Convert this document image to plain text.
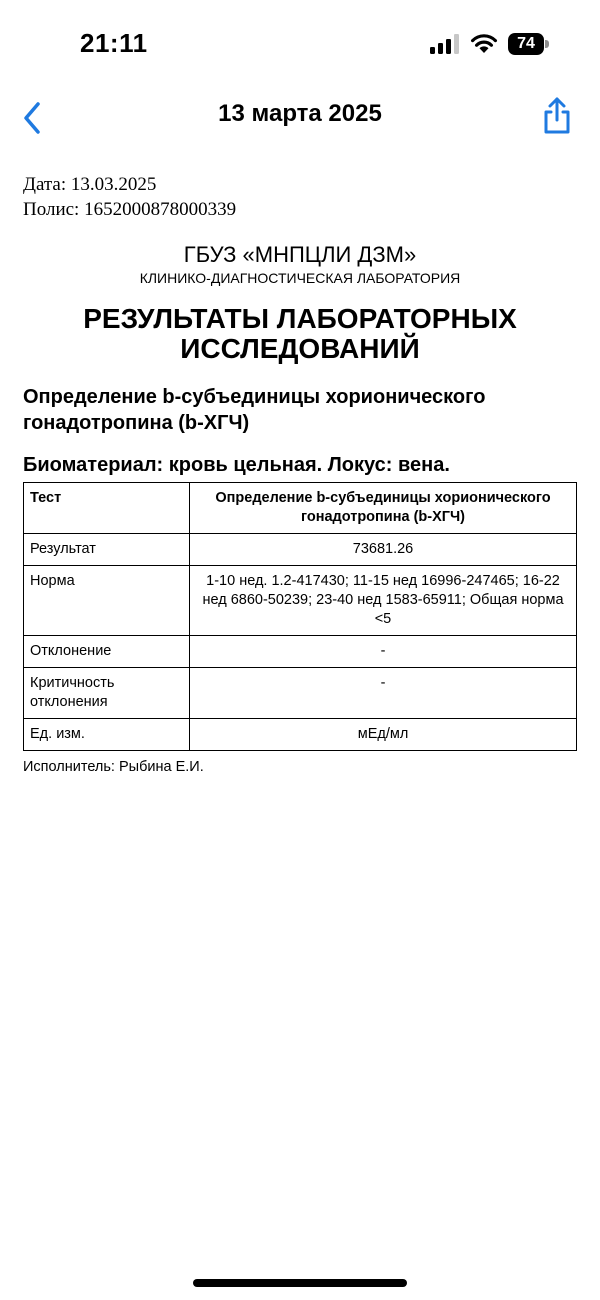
21:11	74
13 марта 2025
Дата: 13.03.2025
Полис: 1652000878000339
ГБУЗ «МНПЦЛИ ДЗМ»
КЛИНИКО-ДИАГНОСТИЧЕСКАЯ ЛАБОРАТОРИЯ
РЕЗУЛЬТАТЫ ЛАБОРАТОРНЫХ ИССЛЕДОВАНИЙ
Определение b-субъединицы хорионического гонадотропина (b-ХГЧ)
Биоматериал: кровь цельная. Локус: вена.
Тест	Определение b-субъединицы хорионического гонадотропина (b-ХГЧ)
Результат	73681.26
Норма	1-10 нед. 1.2-417430; 11-15 нед 16996-247465; 16-22 нед 6860-50239; 23-40 нед 1583-65911; Общая норма <5
Отклонение	-
Критичность отклонения	-
Ед. изм.	мЕд/мл
Исполнитель: Рыбина Е.И.
